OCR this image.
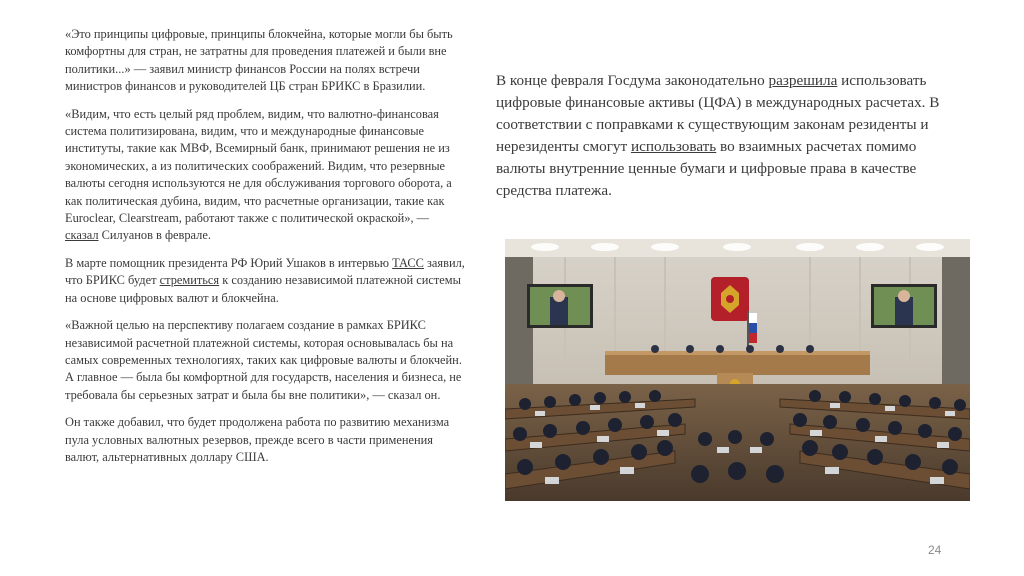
«Это принципы цифровые, принципы блокчейна, которые могли бы быть комфортны для стран, не затратны для проведения платежей и были вне политики...» — заявил министр финансов России на полях встречи министров финансов и руководителей ЦБ стран БРИКС в Бразилии.

«Видим, что есть целый ряд проблем, видим, что валютно-финансовая система политизирована, видим, что и международные финансовые институты, такие как МВФ, Всемирный банк, принимают решения не из экономических, а из политических соображений. Видим, что резервные валюты сегодня используются не для обслуживания торгового оборота, а как политическая дубина, видим, что расчетные организации, такие как Euroclear, Clearstream, работают также с политической окраской», — сказал Силуанов в феврале.

В марте помощник президента РФ Юрий Ушаков в интервью ТАСС заявил, что БРИКС будет стремиться к созданию независимой платежной системы на основе цифровых валют и блокчейна.

«Важной целью на перспективу полагаем создание в рамках БРИКС независимой расчетной платежной системы, которая основывалась бы на самых современных технологиях, таких как цифровые валюты и блокчейн. А главное — была бы комфортной для государств, населения и бизнеса, не требовала бы серьезных затрат и была бы вне политики», — сказал он.

Он также добавил, что будет продолжена работа по развитию механизма пула условных валютных резервов, прежде всего в части применения валют, альтернативных доллару США.

В конце февраля Госдума законодательно разрешила использовать цифровые финансовые активы (ЦФА) в международных расчетах. В соответствии с поправками к существующим законам резиденты и нерезиденты смогут использовать во взаимных расчетах помимо валюты внутренние ценные бумаги и цифровые права в качестве средства платежа.

24
